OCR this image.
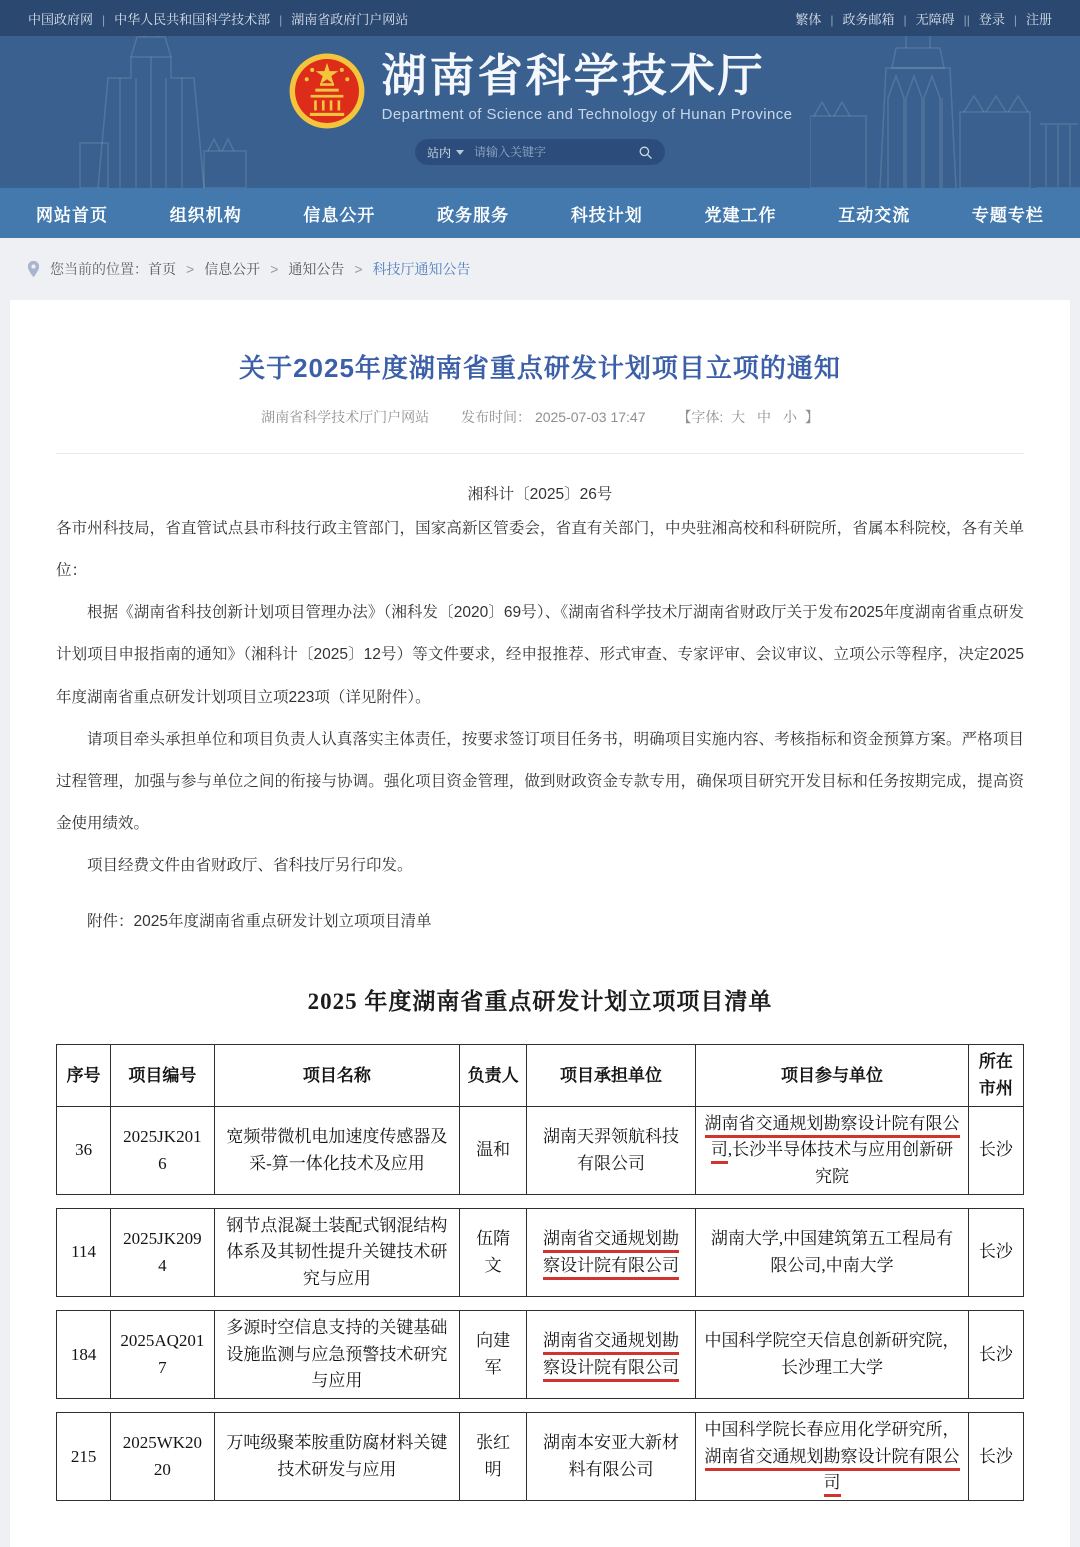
中国政府网 | 中华人民共和国科学技术部 | 湖南省政府门户网站	繁体 | 政务邮箱 | 无障碍 || 登录 | 注册
湖南省科学技术厅
Department of Science and Technology of Hunan Province
站内
请输入关键字
网站首页	组织机构	信息公开	政务服务	科技计划	党建工作	互动交流	专题专栏
您当前的位置： 首页 > 信息公开 > 通知公告 > 科技厅通知公告
关于2025年度湖南省重点研发计划项目立项的通知
湖南省科学技术厅门户网站 发布时间： 2025-07-03 17:47 【字体: 大 中 小 】
湘科计〔2025〕26号

各市州科技局，省直管试点县市科技行政主管部门，国家高新区管委会，省直有关部门，中央驻湘高校和科研院所，省属本科院校，各有关单位：

根据《湖南省科技创新计划项目管理办法》（湘科发〔2020〕69号）、《湖南省科学技术厅湖南省财政厅关于发布2025年度湖南省重点研发计划项目申报指南的通知》（湘科计〔2025〕12号）等文件要求，经申报推荐、形式审查、专家评审、会议审议、立项公示等程序，决定2025年度湖南省重点研发计划项目立项223项（详见附件）。

请项目牵头承担单位和项目负责人认真落实主体责任，按要求签订项目任务书，明确项目实施内容、考核指标和资金预算方案。严格项目过程管理，加强与参与单位之间的衔接与协调。强化项目资金管理，做到财政资金专款专用，确保项目研究开发目标和任务按期完成，提高资金使用绩效。

项目经费文件由省财政厅、省科技厅另行印发。

附件：2025年度湖南省重点研发计划立项项目清单

2025 年度湖南省重点研发计划立项项目清单
序号	项目编号	项目名称	负责人	项目承担单位	项目参与单位	所在市州
36	2025JK2016	宽频带微机电加速度传感器及采-算一体化技术及应用	温和	湖南天羿领航科技有限公司	湖南省交通规划勘察设计院有限公司,长沙半导体技术与应用创新研究院	长沙
114	2025JK2094	钢节点混凝土装配式钢混结构体系及其韧性提升关键技术研究与应用	伍隋文	湖南省交通规划勘察设计院有限公司	湖南大学,中国建筑第五工程局有限公司,中南大学	长沙
184	2025AQ2017	多源时空信息支持的关键基础设施监测与应急预警技术研究与应用	向建军	湖南省交通规划勘察设计院有限公司	中国科学院空天信息创新研究院，长沙理工大学	长沙
215	2025WK2020	万吨级聚苯胺重防腐材料关键技术研发与应用	张红明	湖南本安亚大新材料有限公司	中国科学院长春应用化学研究所，湖南省交通规划勘察设计院有限公司	长沙
